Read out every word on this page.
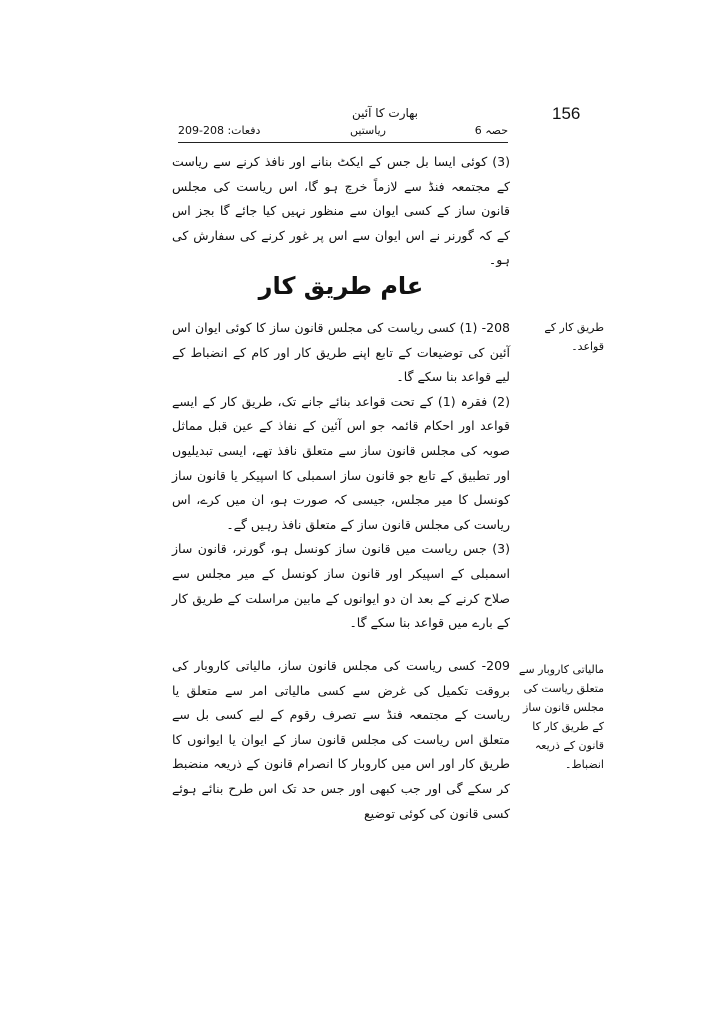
156
بھارت کا آئین
حصہ 6
ریاستیں
دفعات: 208-209

(3) کوئی ایسا بل جس کے ایکٹ بنانے اور نافذ کرنے سے ریاست کے مجتمعہ فنڈ سے لازماً خرچ ہو گا، اس ریاست کی مجلس قانون ساز کے کسی ایوان سے منظور نہیں کیا جائے گا بجز اس کے کہ گورنر نے اس ایوان سے اس پر غور کرنے کی سفارش کی ہو۔

عام طریق کار
طریق کار کے قواعد۔

208- (1) کسی ریاست کی مجلس قانون ساز کا کوئی ایوان اس آئین کی توضیعات کے تابع اپنے طریق کار اور کام کے انضباط کے لیے قواعد بنا سکے گا۔

(2) فقرہ (1) کے تحت قواعد بنائے جانے تک، طریق کار کے ایسے قواعد اور احکام قائمہ جو اس آئین کے نفاذ کے عین قبل مماثل صوبہ کی مجلس قانون ساز سے متعلق نافذ تھے، ایسی تبدیلیوں اور تطبیق کے تابع جو قانون ساز اسمبلی کا اسپیکر یا قانون ساز کونسل کا میر مجلس، جیسی کہ صورت ہو، ان میں کرے، اس ریاست کی مجلس قانون ساز کے متعلق نافذ رہیں گے۔

(3) جس ریاست میں قانون ساز کونسل ہو، گورنر، قانون ساز اسمبلی کے اسپیکر اور قانون ساز کونسل کے میر مجلس سے صلاح کرنے کے بعد ان دو ایوانوں کے مابین مراسلت کے طریق کار کے بارے میں قواعد بنا سکے گا۔

مالیاتی کاروبار سے متعلق ریاست کی مجلس قانون ساز کے طریق کار کا قانون کے ذریعہ انضباط۔

209- کسی ریاست کی مجلس قانون ساز، مالیاتی کاروبار کی بروقت تکمیل کی غرض سے کسی مالیاتی امر سے متعلق یا ریاست کے مجتمعہ فنڈ سے تصرف رقوم کے لیے کسی بل سے متعلق اس ریاست کی مجلس قانون ساز کے ایوان یا ایوانوں کا طریق کار اور اس میں کاروبار کا انصرام قانون کے ذریعہ منضبط کر سکے گی اور جب کبھی اور جس حد تک اس طرح بنائے ہوئے کسی قانون کی کوئی توضیع
